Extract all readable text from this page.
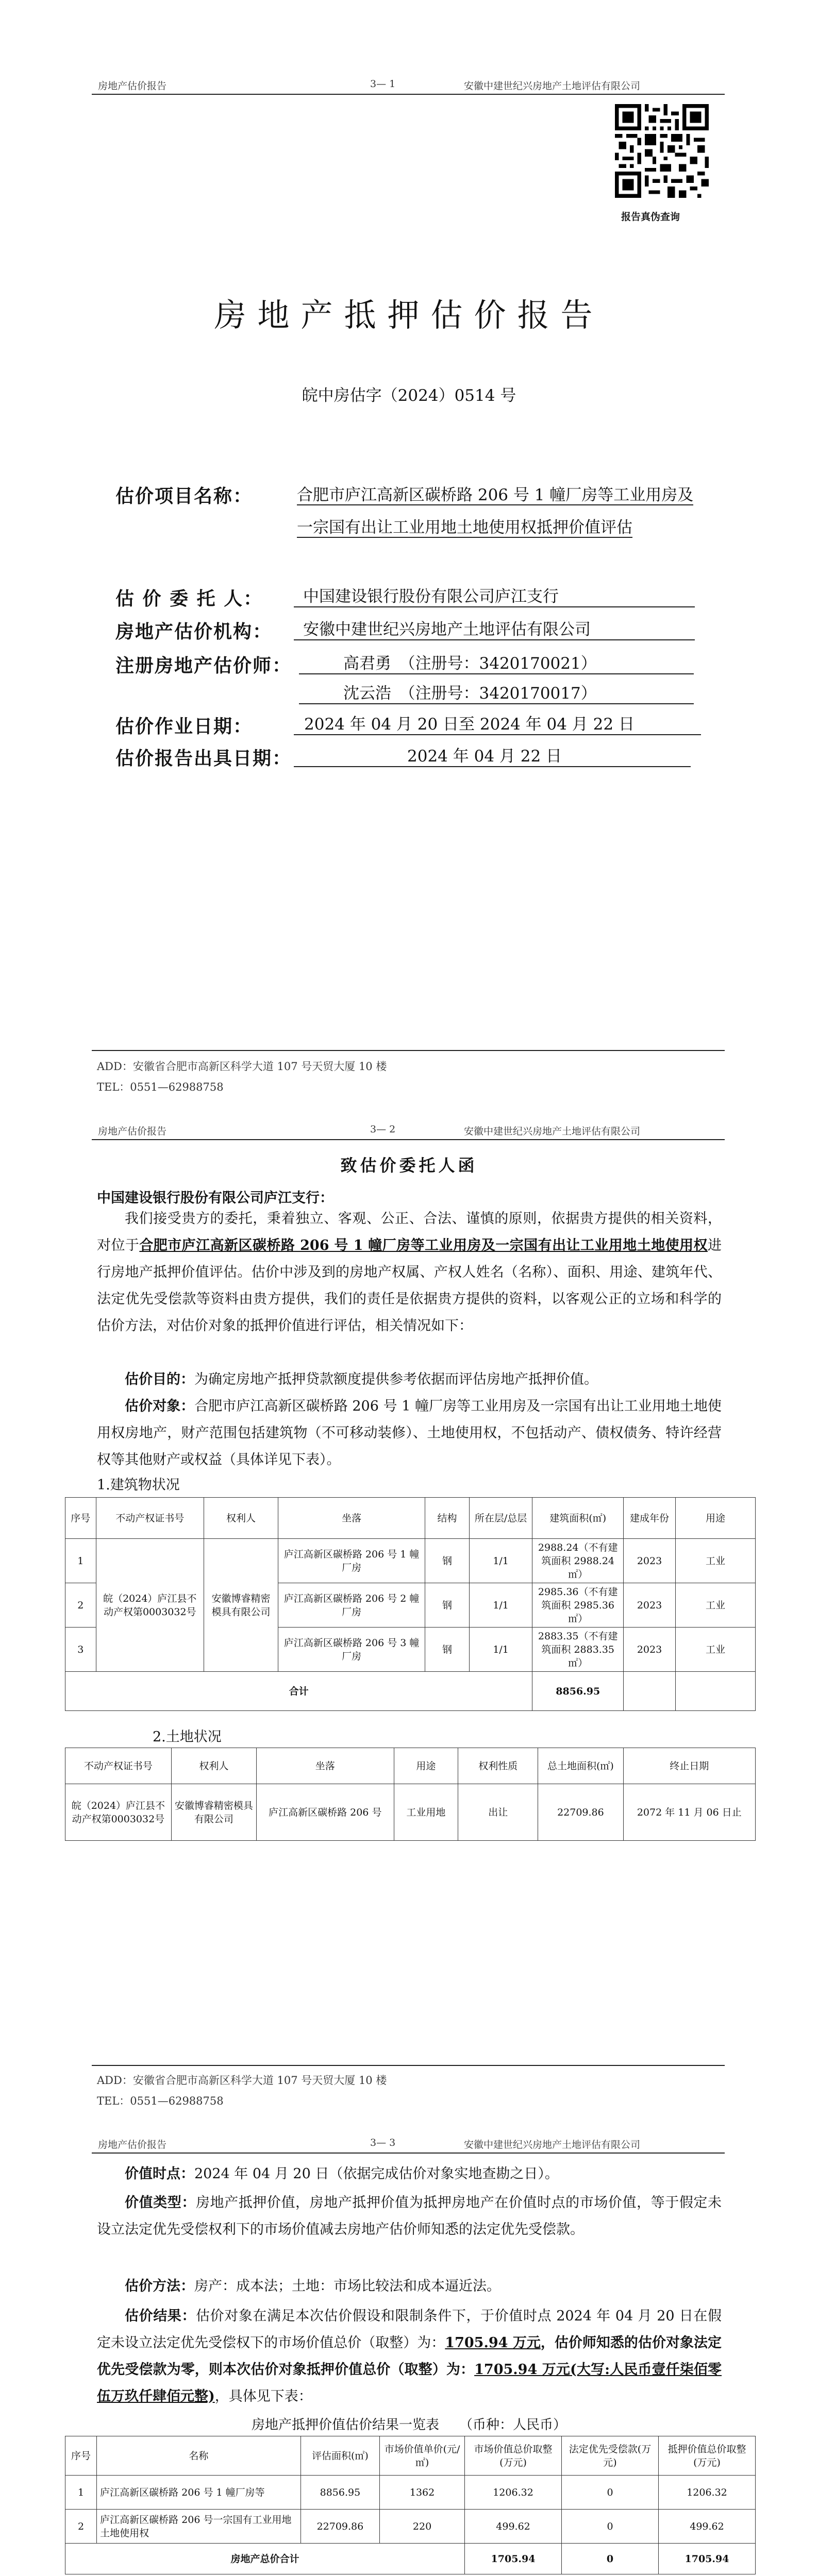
房地产估价报告	3— 1	安徽中建世纪兴房地产土地评估有限公司
报告真伪查询
房地产抵押估价报告
皖中房估字（2024）0514 号
估价项目名称：	合肥市庐江高新区碳桥路 206 号 1 幢厂房等工业用房及一宗国有出让工业用地土地使用权抵押价值评估
估 价 委 托 人：	中国建设银行股份有限公司庐江支行
房地产估价机构：	安徽中建世纪兴房地产土地评估有限公司
注册房地产估价师：	高君勇　（注册号：3420170021）
沈云浩　（注册号：3420170017）
估价作业日期：	2024 年 04 月 20 日至 2024 年 04 月 22 日
估价报告出具日期：	2024 年 04 月 22 日
ADD：安徽省合肥市高新区科学大道 107 号天贸大厦 10 楼
TEL：0551—62988758
房地产估价报告	3— 2	安徽中建世纪兴房地产土地评估有限公司
致估价委托人函
中国建设银行股份有限公司庐江支行：
我们接受贵方的委托，秉着独立、客观、公正、合法、谨慎的原则，依据贵方提供的相关资料，对位于合肥市庐江高新区碳桥路 206 号 1 幢厂房等工业用房及一宗国有出让工业用地土地使用权进行房地产抵押价值评估。估价中涉及到的房地产权属、产权人姓名（名称）、面积、用途、建筑年代、法定优先受偿款等资料由贵方提供，我们的责任是依据贵方提供的资料，以客观公正的立场和科学的估价方法，对估价对象的抵押价值进行评估，相关情况如下：
估价目的：为确定房地产抵押贷款额度提供参考依据而评估房地产抵押价值。
估价对象：合肥市庐江高新区碳桥路 206 号 1 幢厂房等工业用房及一宗国有出让工业用地土地使用权房地产，财产范围包括建筑物（不可移动装修）、土地使用权，不包括动产、债权债务、特许经营权等其他财产或权益（具体详见下表）。
1.建筑物状况
序号	不动产权证书号	权利人	坐落	结构	所在层/总层	建筑面积(㎡)	建成年份	用途
1	皖（2024）庐江县不动产权第0003032号	安徽博睿精密模具有限公司	庐江高新区碳桥路 206 号 1 幢厂房	钢	1/1	2988.24（不有建筑面积 2988.24 ㎡）	2023	工业
2			庐江高新区碳桥路 206 号 2 幢厂房	钢	1/1	2985.36（不有建筑面积 2985.36 ㎡）	2023	工业
3			庐江高新区碳桥路 206 号 3 幢厂房	钢	1/1	2883.35（不有建筑面积 2883.35 ㎡）	2023	工业
合计						8856.95		
2.土地状况
不动产权证书号	权利人	坐落	用途	权利性质	总土地面积(㎡)	终止日期
皖（2024）庐江县不动产权第0003032号	安徽博睿精密模具有限公司	庐江高新区碳桥路 206 号	工业用地	出让	22709.86	2072 年 11 月 06 日止
ADD：安徽省合肥市高新区科学大道 107 号天贸大厦 10 楼
TEL：0551—62988758
房地产估价报告	3— 3	安徽中建世纪兴房地产土地评估有限公司
价值时点：2024 年 04 月 20 日（依据完成估价对象实地查勘之日）。
价值类型：房地产抵押价值，房地产抵押价值为抵押房地产在价值时点的市场价值，等于假定未设立法定优先受偿权利下的市场价值减去房地产估价师知悉的法定优先受偿款。
估价方法：房产：成本法；土地：市场比较法和成本逼近法。
估价结果：估价对象在满足本次估价假设和限制条件下，于价值时点 2024 年 04 月 20 日在假定未设立法定优先受偿权下的市场价值总价（取整）为：1705.94 万元，估价师知悉的估价对象法定优先受偿款为零，则本次估价对象抵押价值总价（取整）为：1705.94 万元(大写:人民币壹仟柒佰零伍万玖仟肆佰元整)，具体见下表：
房地产抵押价值估价结果一览表　　（币种：人民币）
序号	名称	评估面积(㎡)	市场价值单价(元/㎡)	市场价值总价取整(万元)	法定优先受偿款(万元)	抵押价值总价取整(万元)
1	庐江高新区碳桥路 206 号 1 幢厂房等	8856.95	1362	1206.32	0	1206.32
2	庐江高新区碳桥路 206 号一宗国有工业用地土地使用权	22709.86	220	499.62	0	499.62
房地产总价合计				1705.94	0	1705.94
